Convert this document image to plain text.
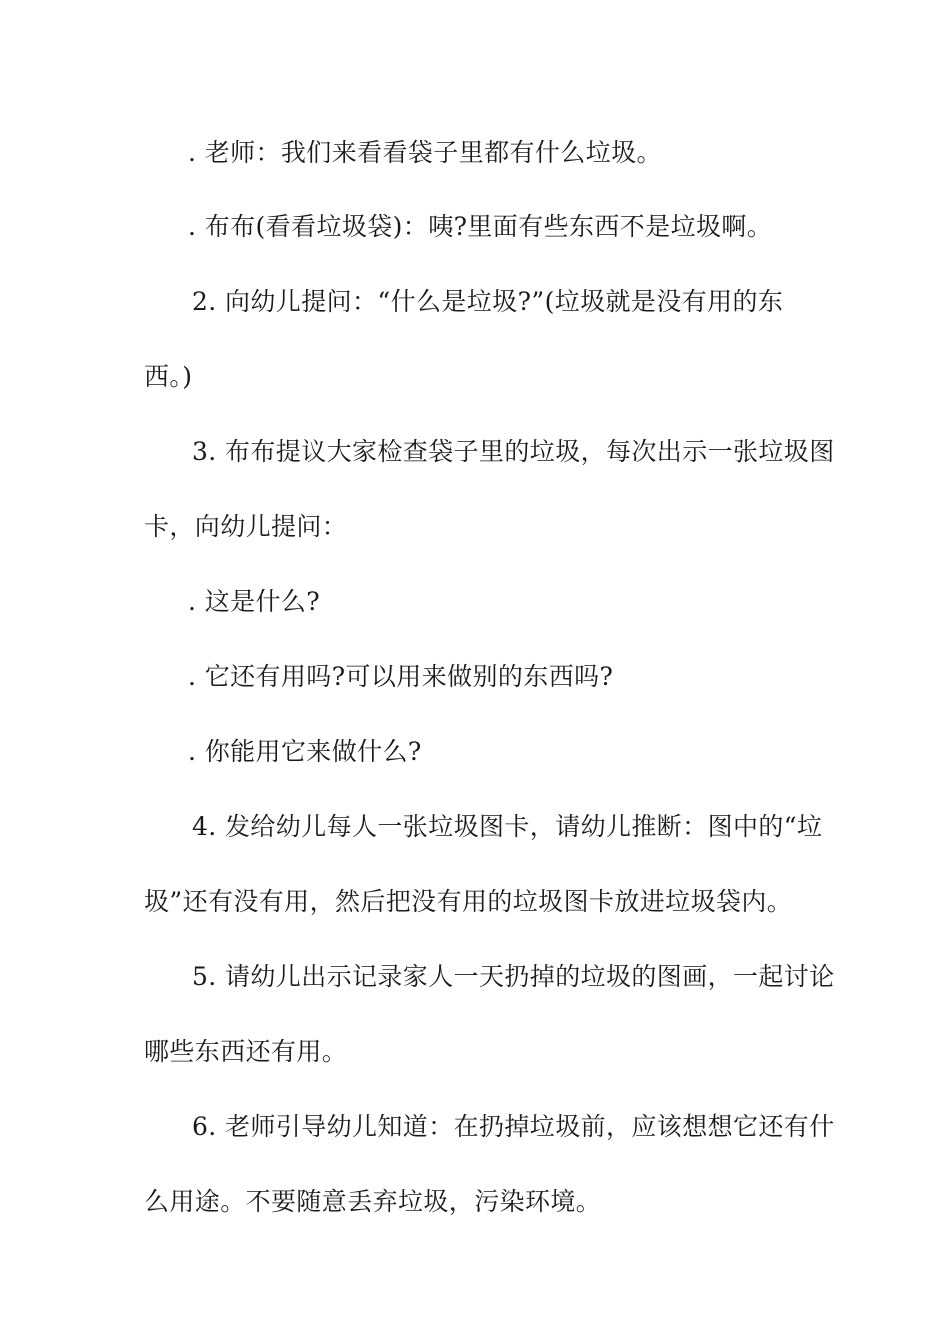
. 老师：我们来看看袋子里都有什么垃圾。

. 布布(看看垃圾袋)：咦?里面有些东西不是垃圾啊。

2. 向幼儿提问：“什么是垃圾?”(垃圾就是没有用的东

西。)

3. 布布提议大家检查袋子里的垃圾，每次出示一张垃圾图

卡，向幼儿提问：

. 这是什么?

. 它还有用吗?可以用来做别的东西吗?

. 你能用它来做什么?

4. 发给幼儿每人一张垃圾图卡，请幼儿推断：图中的“垃

圾”还有没有用，然后把没有用的垃圾图卡放进垃圾袋内。

5. 请幼儿出示记录家人一天扔掉的垃圾的图画，一起讨论

哪些东西还有用。

6. 老师引导幼儿知道：在扔掉垃圾前，应该想想它还有什

么用途。不要随意丢弃垃圾，污染环境。
